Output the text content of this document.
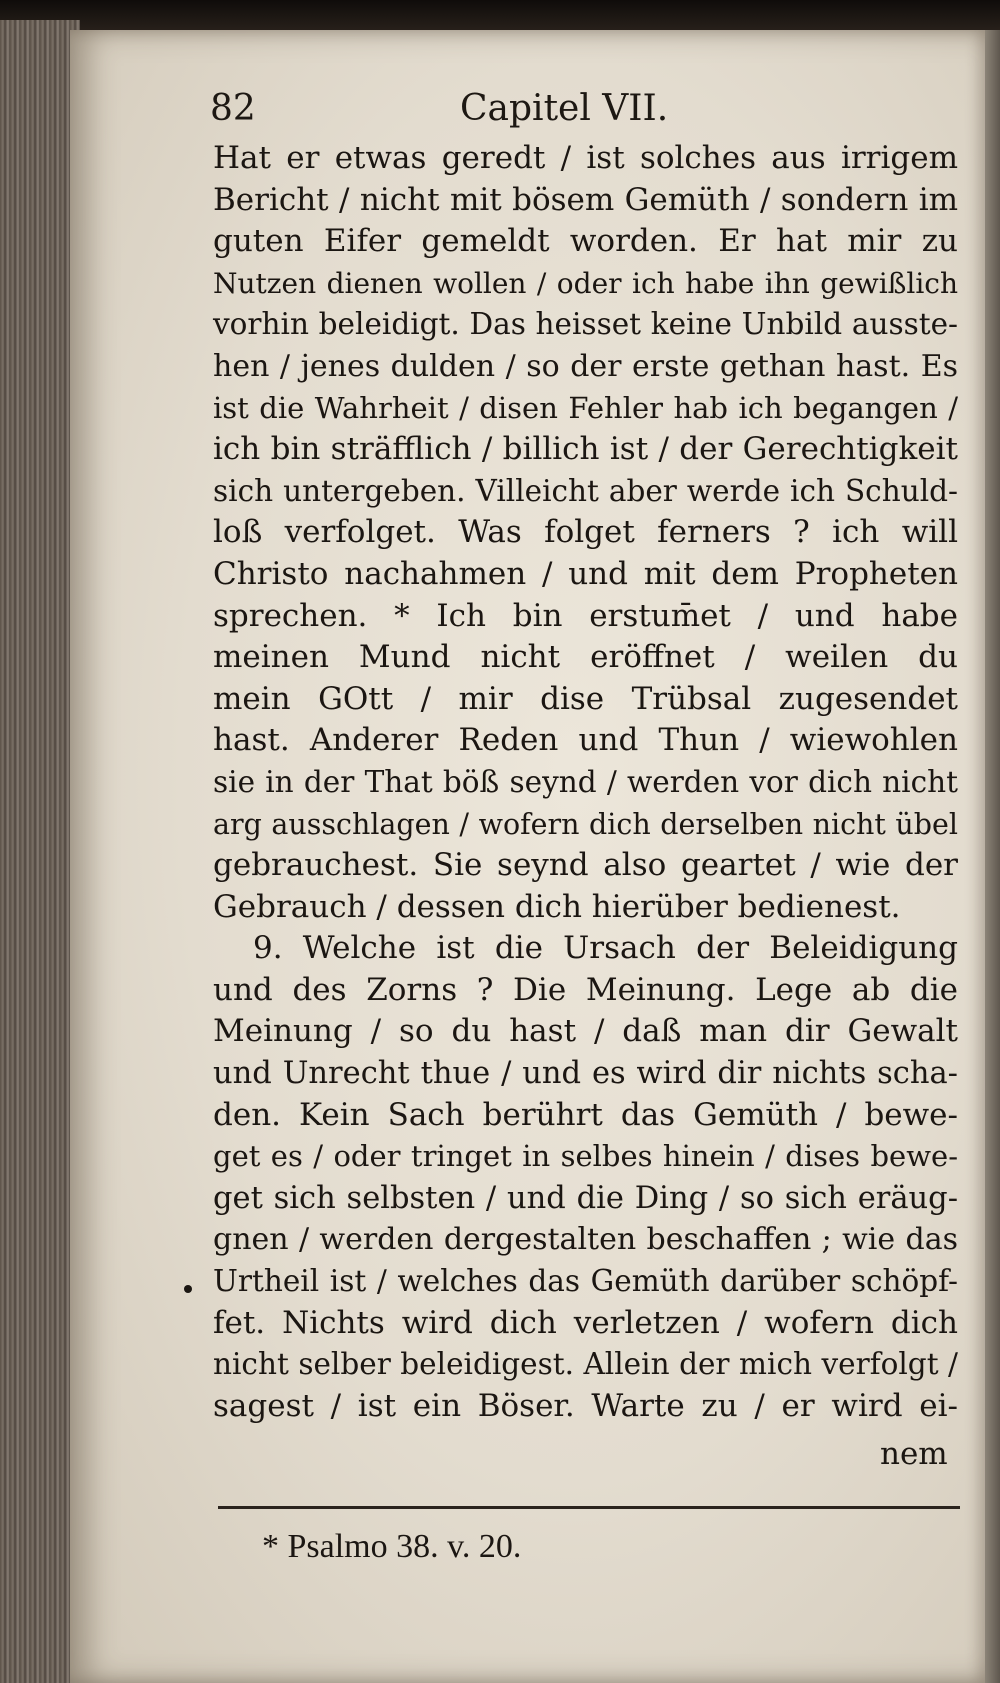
82	Capitel VII.
Hat er etwas geredt / ist solches aus irrigem
Bericht / nicht mit bösem Gemüth / sondern im
guten Eifer gemeldt worden. Er hat mir zu
Nutzen dienen wollen / oder ich habe ihn gewißlich
vorhin beleidigt. Das heisset keine Unbild ausste-
hen / jenes dulden / so der erste gethan hast. Es
ist die Wahrheit / disen Fehler hab ich begangen /
ich bin sträfflich / billich ist / der Gerechtigkeit
sich untergeben. Villeicht aber werde ich Schuld-
loß verfolget. Was folget ferners ? ich will
Christo nachahmen / und mit dem Propheten
sprechen. * Ich bin erstum̄et / und habe
meinen Mund nicht eröffnet / weilen du
mein GOtt / mir dise Trübsal zugesendet
hast. Anderer Reden und Thun / wiewohlen
sie in der That böß seynd / werden vor dich nicht
arg ausschlagen / wofern dich derselben nicht übel
gebrauchest. Sie seynd also geartet / wie der
Gebrauch / dessen dich hierüber bedienest.
9. Welche ist die Ursach der Beleidigung
und des Zorns ? Die Meinung. Lege ab die
Meinung / so du hast / daß man dir Gewalt
und Unrecht thue / und es wird dir nichts scha-
den. Kein Sach berührt das Gemüth / bewe-
get es / oder tringet in selbes hinein / dises bewe-
get sich selbsten / und die Ding / so sich eräug-
gnen / werden dergestalten beschaffen ; wie das
Urtheil ist / welches das Gemüth darüber schöpf-
fet. Nichts wird dich verletzen / wofern dich
nicht selber beleidigest. Allein der mich verfolgt /
sagest / ist ein Böser. Warte zu / er wird ei-
nem
* Psalmo 38. v. 20.
